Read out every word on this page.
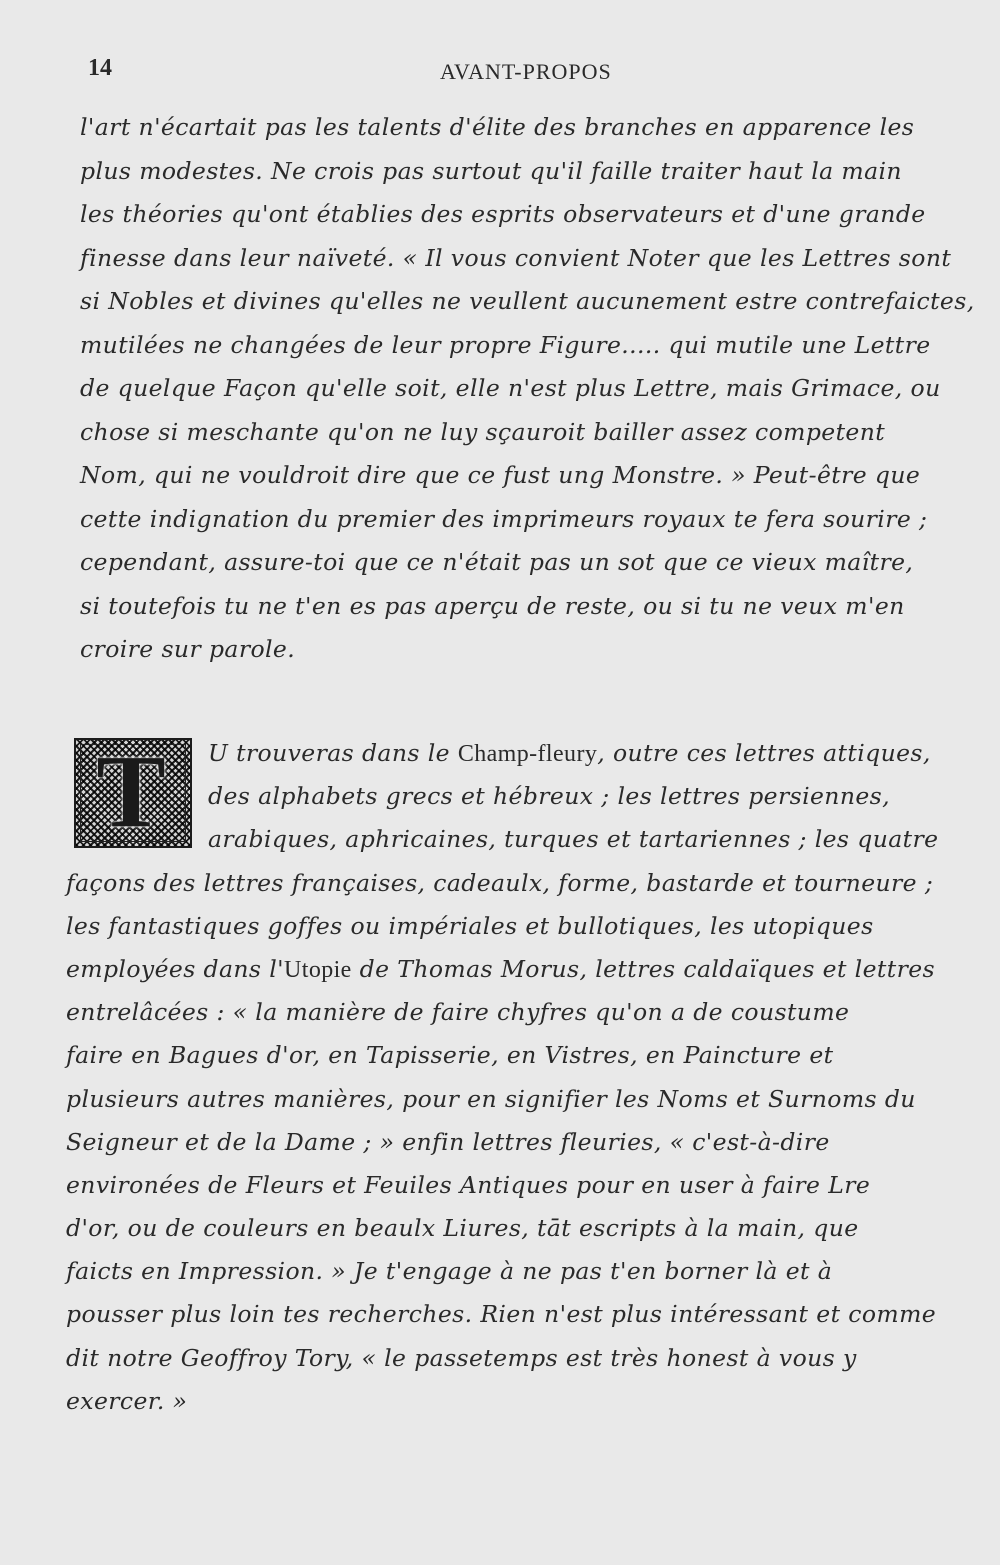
14	AVANT-PROPOS
l'art n'écartait pas les talents d'élite des branches en apparence les
plus modestes. Ne crois pas surtout qu'il faille traiter haut la main
les théories qu'ont établies des esprits observateurs et d'une grande
finesse dans leur naïveté. « Il vous convient Noter que les Lettres sont
si Nobles et divines qu'elles ne veullent aucunement estre contrefaictes,
mutilées ne changées de leur propre Figure..... qui mutile une Lettre
de quelque Façon qu'elle soit, elle n'est plus Lettre, mais Grimace, ou
chose si meschante qu'on ne luy sçauroit bailler assez competent
Nom, qui ne vouldroit dire que ce fust ung Monstre. » Peut-être que
cette indignation du premier des imprimeurs royaux te fera sourire ;
cependant, assure-toi que ce n'était pas un sot que ce vieux maître,
si toutefois tu ne t'en es pas aperçu de reste, ou si tu ne veux m'en
croire sur parole.
T	U trouveras dans le Champ-fleury, outre ces lettres attiques,
des alphabets grecs et hébreux ; les lettres persiennes,
arabiques, aphricaines, turques et tartariennes ; les quatre
façons des lettres françaises, cadeaulx, forme, bastarde et tourneure ;
les fantastiques goffes ou impériales et bullotiques, les utopiques
employées dans l'Utopie de Thomas Morus, lettres caldaïques et lettres
entrelâcées : « la manière de faire chyfres qu'on a de coustume
faire en Bagues d'or, en Tapisserie, en Vistres, en Paincture et
plusieurs autres manières, pour en signifier les Noms et Surnoms du
Seigneur et de la Dame ; » enfin lettres fleuries, « c'est-à-dire
environées de Fleurs et Feuiles Antiques pour en user à faire Lre
d'or, ou de couleurs en beaulx Liures, tāt escripts à la main, que
faicts en Impression. » Je t'engage à ne pas t'en borner là et à
pousser plus loin tes recherches. Rien n'est plus intéressant et comme
dit notre Geoffroy Tory, « le passetemps est très honest à vous y
exercer. »
